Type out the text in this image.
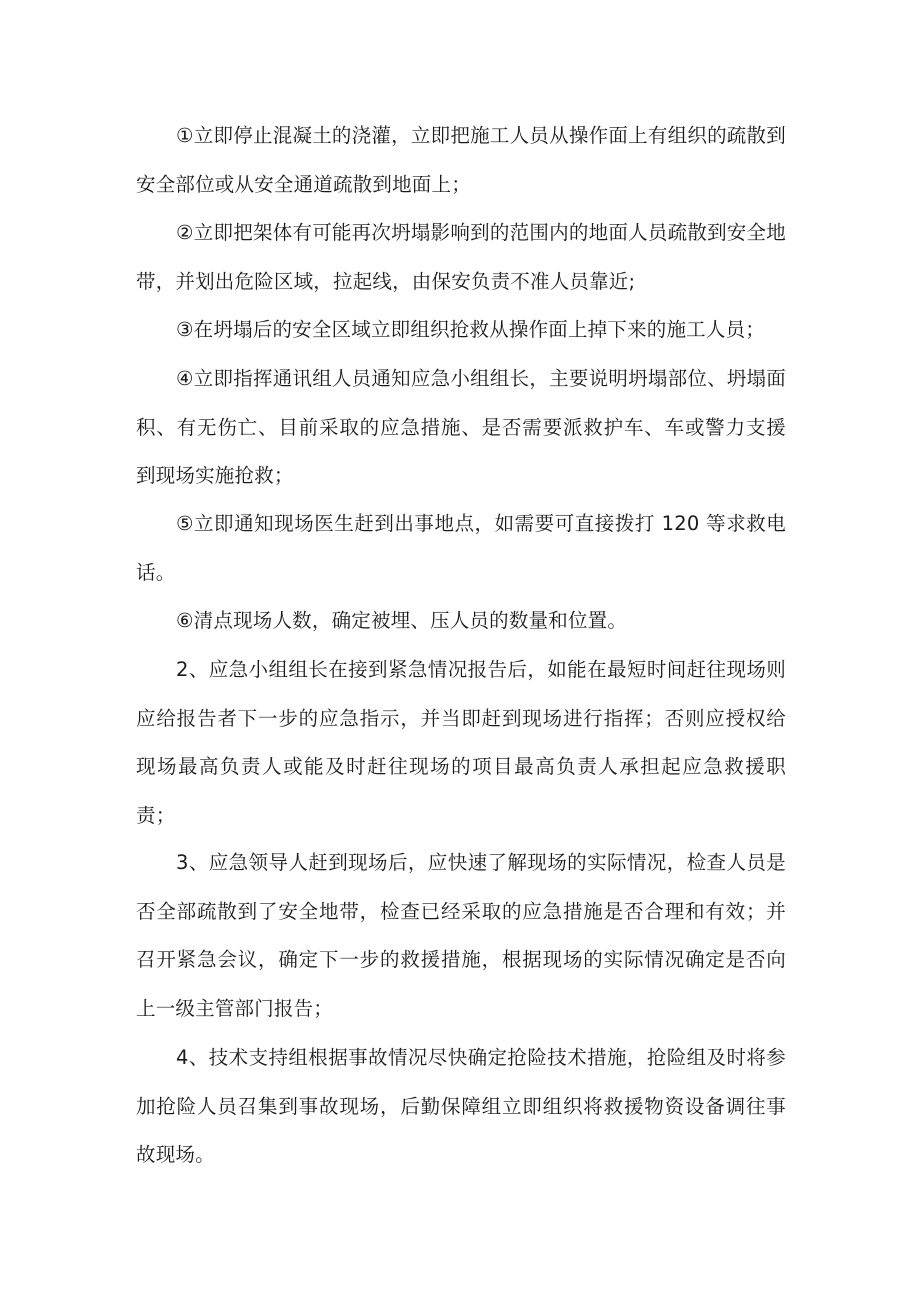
①立即停止混凝土的浇灌，立即把施工人员从操作面上有组织的疏散到安全部位或从安全通道疏散到地面上；

②立即把架体有可能再次坍塌影响到的范围内的地面人员疏散到安全地带，并划出危险区域，拉起线，由保安负责不准人员靠近;

③在坍塌后的安全区域立即组织抢救从操作面上掉下来的施工人员；

④立即指挥通讯组人员通知应急小组组长，主要说明坍塌部位、坍塌面积、有无伤亡、目前采取的应急措施、是否需要派救护车、车或警力支援到现场实施抢救；

⑤立即通知现场医生赶到出事地点，如需要可直接拨打 120 等求救电话。

⑥清点现场人数，确定被埋、压人员的数量和位置。

2、应急小组组长在接到紧急情况报告后，如能在最短时间赶往现场则应给报告者下一步的应急指示，并当即赶到现场进行指挥；否则应授权给现场最高负责人或能及时赶往现场的项目最高负责人承担起应急救援职责；

3、应急领导人赶到现场后，应快速了解现场的实际情况，检查人员是否全部疏散到了安全地带，检查已经采取的应急措施是否合理和有效；并召开紧急会议，确定下一步的救援措施，根据现场的实际情况确定是否向上一级主管部门报告；

4、技术支持组根据事故情况尽快确定抢险技术措施，抢险组及时将参加抢险人员召集到事故现场，后勤保障组立即组织将救援物资设备调往事故现场。
